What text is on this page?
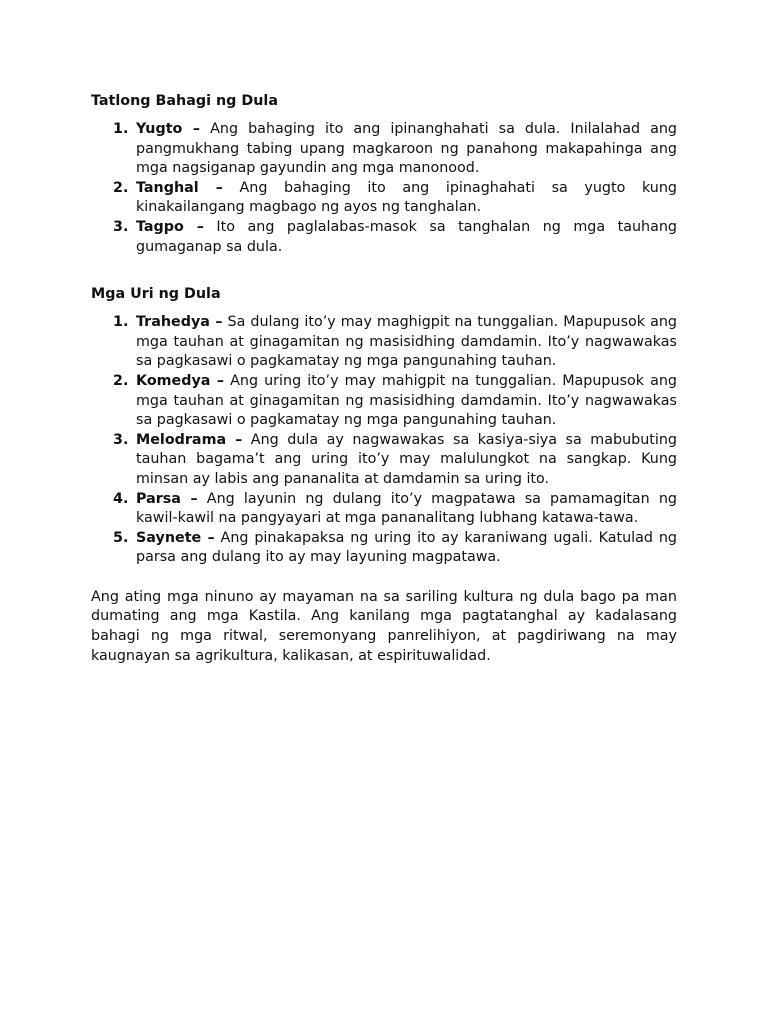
Tatlong Bahagi ng Dula

1. Yugto – Ang bahaging ito ang ipinanghahati sa dula. Inilalahad ang pangmukhang tabing upang magkaroon ng panahong makapahinga ang mga nagsiganap gayundin ang mga manonood.
2. Tanghal – Ang bahaging ito ang ipinaghahati sa yugto kung kinakailangang magbago ng ayos ng tanghalan.
3. Tagpo – Ito ang paglalabas-masok sa tanghalan ng mga tauhang gumaganap sa dula.

Mga Uri ng Dula

1. Trahedya – Sa dulang ito’y may maghigpit na tunggalian. Mapupusok ang mga tauhan at ginagamitan ng masisidhing damdamin. Ito’y nagwawakas sa pagkasawi o pagkamatay ng mga pangunahing tauhan.
2. Komedya – Ang uring ito’y may mahigpit na tunggalian. Mapupusok ang mga tauhan at ginagamitan ng masisidhing damdamin. Ito’y nagwawakas sa pagkasawi o pagkamatay ng mga pangunahing tauhan.
3. Melodrama – Ang dula ay nagwawakas sa kasiya-siya sa mabubuting tauhan bagama’t ang uring ito’y may malulungkot na sangkap. Kung minsan ay labis ang pananalita at damdamin sa uring ito.
4. Parsa – Ang layunin ng dulang ito’y magpatawa sa pamamagitan ng kawil-kawil na pangyayari at mga pananalitang lubhang katawa-tawa.
5. Saynete – Ang pinakapaksa ng uring ito ay karaniwang ugali. Katulad ng parsa ang dulang ito ay may layuning magpatawa.

Ang ating mga ninuno ay mayaman na sa sariling kultura ng dula bago pa man dumating ang mga Kastila. Ang kanilang mga pagtatanghal ay kadalasang bahagi ng mga ritwal, seremonyang panrelihiyon, at pagdiriwang na may kaugnayan sa agrikultura, kalikasan, at espirituwalidad.
